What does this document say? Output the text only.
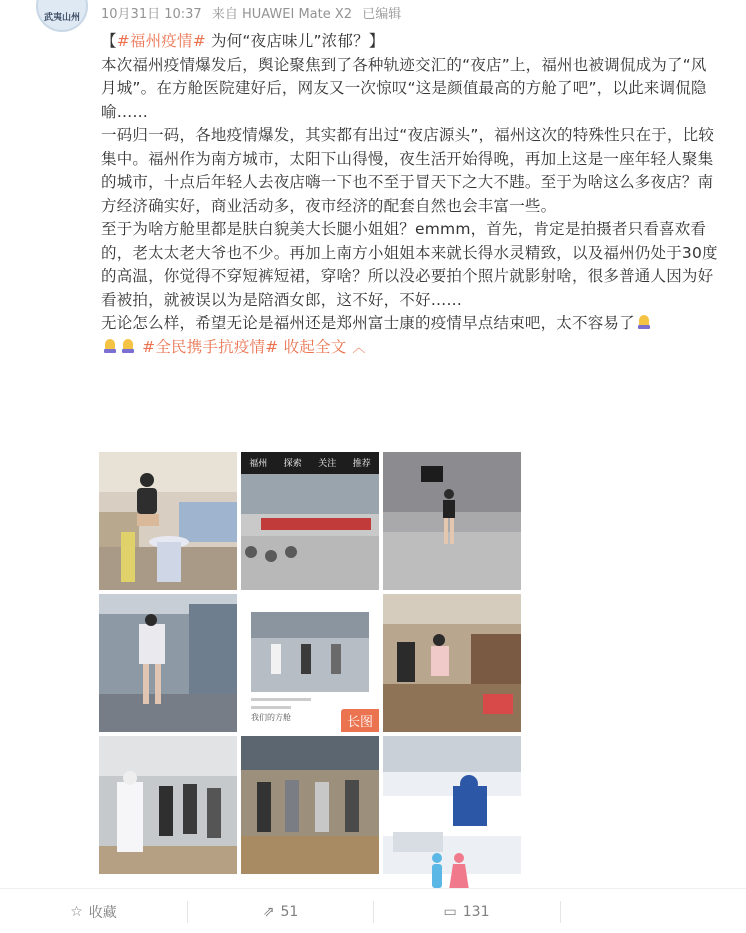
武夷山州	10月31日 10:37 来自 HUAWEI Mate X2 已编辑

【#福州疫情# 为何“夜店味儿”浓郁？】

本次福州疫情爆发后，舆论聚焦到了各种轨迹交汇的“夜店”上，福州也被调侃成为了“风月城”。在方舱医院建好后，网友又一次惊叹“这是颜值最高的方舱了吧”，以此来调侃隐喻……

一码归一码，各地疫情爆发，其实都有出过“夜店源头”，福州这次的特殊性只在于，比较集中。福州作为南方城市，太阳下山得慢，夜生活开始得晚，再加上这是一座年轻人聚集的城市，十点后年轻人去夜店嗨一下也不至于冒天下之大不韪。至于为啥这么多夜店？南方经济确实好，商业活动多，夜市经济的配套自然也会丰富一些。

至于为啥方舱里都是肤白貌美大长腿小姐姐？emmm，首先，肯定是拍摄者只看喜欢看的，老太太老大爷也不少。再加上南方小姐姐本来就长得水灵精致，以及福州仍处于30度的高温，你觉得不穿短裤短裙，穿啥？所以没必要拍个照片就影射啥，很多普通人因为好看被拍，就被误以为是陪酒女郎，这不好，不好……

无论怎么样，希望无论是福州还是郑州富士康的疫情早点结束吧，太不容易了

#全民携手抗疫情# 收起全文 ︿

福州 探索 关注 推荐
我们的方舱	长图
☆ 收藏	⇗ 51	▭ 131
